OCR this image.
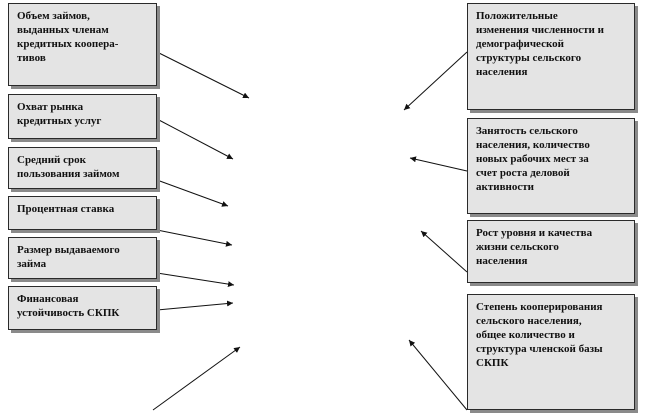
Объем займов,
выданных членам
кредитных коопера-
тивов
Охват рынка
кредитных услуг
Средний срок
пользования займом
Процентная ставка
Размер выдаваемого
займа
Финансовая
устойчивость СКПК
Положительные
изменения численности и
демографической
структуры сельского
населения
Занятость сельского
населения, количество
новых рабочих мест за
счет роста деловой
активности
Рост уровня и качества
жизни сельского
населения
Степень кооперирования
сельского населения,
общее количество и
структура членской базы
СКПК
